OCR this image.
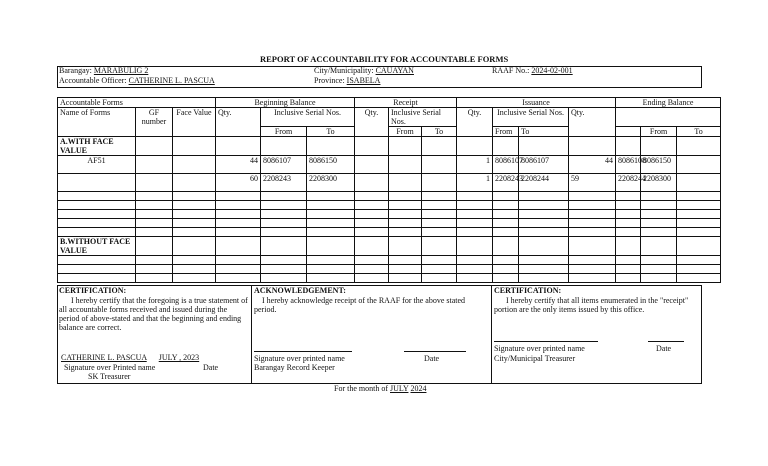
REPORT OF ACCOUNTABILITY FOR ACCOUNTABLE FORMS
Barangay: MARABULIG 2
Accountable Officer: CATHERINE L. PASCUA
City/Municipality: CAUAYAN
Province: ISABELA
RAAF No.: 2024-02-001
Accountable Forms			Beginning Balance			Receipt			Issuance				Ending Balance		
Name of Forms	GF number	Face Value	Qty.	Inclusive Serial Nos.		Qty.	Inclusive Serial Nos.		Qty.	Inclusive Serial Nos.		Qty.			
				From	To		From	To		From	To			From	To
A.WITH FACE VALUE															
AF51			44	8086107	8086150				1	8086107	8086107	44	8086108	8086150	
			60	2208243	2208300				1	2208243	2208244	59	2208244	2208300	

B.WITHOUT FACE VALUE															

CERTIFICATION:
I hereby certify that the foregoing is a true statement of all accountable forms received and issued during the period of above-stated and that the beginning and ending balance are correct.
CATHERINE L. PASCUA JULY , 2023
Signature over Printed name	Date
SK Treasurer
ACKNOWLEDGEMENT:
I hereby acknowledge receipt of the RAAF for the above stated period.
Signature over printed name	Date
Barangay Record Keeper
CERTIFICATION:
I hereby certify that all items enumerated in the "receipt" portion are the only items issued by this office.
Signature over printed name	Date
City/Municipal Treasurer
For the month of JULY 2024
